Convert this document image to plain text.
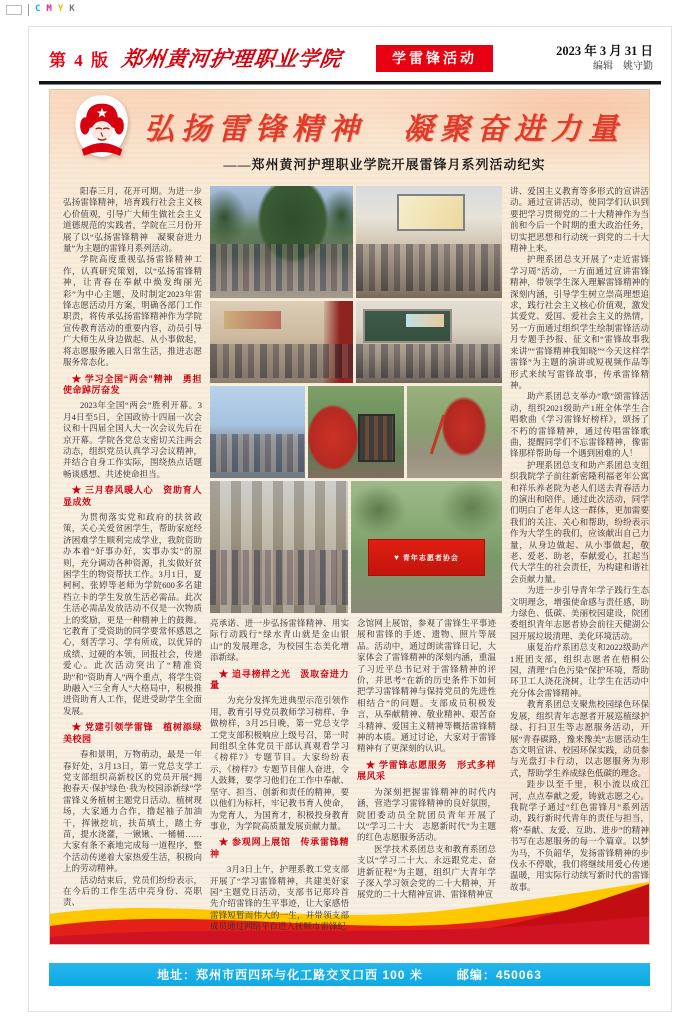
C M Y K
第 4 版 郑州黄河护理职业学院	学雷锋活动	2023 年 3 月 31 日
编辑　姚守勤
弘扬雷锋精神　凝聚奋进力量
——郑州黄河护理职业学院开展雷锋月系列活动纪实

阳春三月，花开可期。为进一步弘扬雷锋精神，培育践行社会主义核心价值观，引导广大师生做社会主义道德规范的实践者，学院在三月份开展了以“弘扬雷锋精神　凝聚奋进力量”为主题的雷锋月系列活动。

学院高度重视弘扬雷锋精神工作，认真研究策划，以“弘扬雷锋精神，让青春在奉献中焕发绚丽光彩”为中心主题，及时制定2023年雷锋志愿活动月方案，明确各部门工作职责，将传承弘扬雷锋精神作为学院宣传教育活动的重要内容，动员引导广大师生从身边做起、从小事做起，将志愿服务融入日常生活，推进志愿服务常态化。

★ 学习全国“两会”精神　勇担使命踔厉奋发

2023年全国“两会”胜利开幕。3月4日至5日，全国政协十四届一次会议和十四届全国人大一次会议先后在京开幕。学院各党总支密切关注两会动态，组织党员认真学习会议精神，并结合自身工作实际，围绕热点话题畅谈感想、共述使命担当。

★ 三月春风暖人心　资助育人显成效

为贯彻落实党和政府的扶贫政策，关心关爱贫困学生，帮助家庭经济困难学生顺利完成学业，我院资助办本着“好事办好，实事办实”的原则，充分调动各种资源，扎实做好贫困学生的物资帮扶工作。3月1日，夏柯柯、张婷等老师为学院600多名建档立卡的学生发放生活必需品。此次生活必需品发放活动不仅是一次物质上的奖励，更是一种精神上的鼓舞。它教育了受资助的同学要常怀感恩之心，刻苦学习、学有所成，以优异的成绩、过硬的本领，回报社会，传递爱心。此次活动突出了“精准资助”和“资助育人”两个重点，将学生资助融入“三全育人”大格局中，积极推进资助育人工作，促进受助学生全面发展。

★ 党建引领学雷锋　植树添绿美校园

春和景明，万物萌动，最是一年春好处，3月13日，第一党总支学工党支部组织高新校区的党员开展“拥抱春天·保护绿色·我为校园添新绿”学雷锋义务植树主题党日活动。植树现场，大家通力合作，撸起袖子加油干，挥锹挖坑，扶苗填土，踏土夯苗，提水浇灌，一锹锹、一桶桶……大家有条不紊地完成每一道程序，整个活动传递着大家热爱生活，积极向上的劳动精神。

活动结束后，党员们纷纷表示，在今后的工作生活中亮身份、亮职责、

♥ 青年志愿者协会

亮承诺、进一步弘扬雷锋精神、用实际行动践行“绿水青山就是金山银山”的发展理念，为校园生态美化增添新绿。

★ 追寻榜样之光　汲取奋进力量

为充分发挥先进典型示范引领作用，教育引导党员教师学习榜样、争做榜样，3月25日晚，第一党总支学工党支部积极响应上级号召，第一时间组织全体党员干部认真观看学习《榜样7》专题节目。大家纷纷表示，《榜样7》专题节目催人奋进，令人鼓舞，要学习他们在工作中奉献、坚守、担当、创新和责任的精神，要以他们为标杆，牢记教书育人使命，为党育人，为国育才，积极投身教育事业，为学院高质量发展贡献力量。

★ 参观网上展馆　传承雷锋精神

3月3日上午，护理系教工党支部开展了“学习雷锋精神，共建美好家园”主题党日活动，支部书记郑玲首先介绍雷锋的生平事迹，让大家感悟雷锋短暂而伟大的一生，并带领支部成员通过网络平台进入抚顺市雷锋纪

念馆网上展馆，参观了雷锋生平事迹展和雷锋的手迹、遗物、照片等展品。活动中，通过朗读雷锋日记，大家体会了雷锋精神的深刻内涵，重温了习近平总书记对于雷锋精神的评价，并思考“在新的历史条件下如何把学习雷锋精神与保持党员的先进性相结合”的问题。支部成员积极发言，从奉献精神、敬业精神、艰苦奋斗精神、爱国主义精神等概括雷锋精神的本质。通过讨论，大家对于雷锋精神有了更深刻的认识。

★ 学雷锋志愿服务　形式多样展风采

为深刻把握雷锋精神的时代内涵，营造学习雷锋精神的良好氛围，院团委动员全院团员青年开展了以“学习二十大　志愿新时代”为主题的红色志愿服务活动。

医学技术系团总支和教育系团总支以“学习二十大、永远跟党走、奋进新征程”为主题，组织广大青年学子深入学习领会党的二十大精神，开展党的二十大精神宣讲、雷锋精神宣

讲、爱国主义教育等多形式的宣讲活动。通过宣讲活动，使同学们认识到要把学习贯彻党的二十大精神作为当前和今后一个时期的重大政治任务，切实把思想和行动统一到党的二十大精神上来。

护理系团总支开展了“走近雷锋学习周”活动，一方面通过宣讲雷锋精神，带领学生深入理解雷锋精神的深刻内涵，引导学生树立崇高理想追求，践行社会主义核心价值观，激发其爱党、爱国、爱社会主义的热情，另一方面通过组织学生绘制雷锋活动月专题手抄报、征文和“雷锋故事我来讲”“雷锋精神我知晓”“今天这样学雷锋”为主题的演讲或短视频作品等形式来续写雷锋故事，传承雷锋精神。

助产系团总支举办“歌”颂雷锋活动，组织2021级助产1班全体学生合唱歌曲《学习雷锋好榜样》，颂扬了不朽的雷锋精神，通过传唱雷锋歌曲，提醒同学们不忘雷锋精神，像雷锋那样帮助每一个遇到困难的人！

护理系团总支和助产系团总支组织我院学子前往新密隆利福老年公寓和祥乐养老院为老人们送去青春活力的演出和陪伴。通过此次活动，同学们明白了老年人这一群体，更加需要我们的关注、关心和帮助，纷纷表示作为大学生的我们，应该献出自己力量，从身边做起、从小事做起，敬老、爱老、助老，奉献爱心，扛起当代大学生的社会责任，为构建和谐社会贡献力量。

为进一步引导青年学子践行生态文明理念，增强使命感与责任感，助力绿色、低碳、美丽校园建设，院团委组织青年志愿者协会前往天健湖公园开展垃圾清理、美化环境活动。

康复治疗系团总支和2022级助产1班团支部，组织志愿者在梧桐公园，清理“白色污染”保护环境，帮助环卫工人浇花浇树，让学生在活动中充分体会雷锋精神。

教育系团总支聚焦校园绿色环保发展，组织青年志愿者开展巡植绿护绿、打扫卫生等志愿服务活动，开展“青春碳路，豫来豫美”志愿活动生态文明宣讲、校园环保实践，动员参与光盘打卡行动，以志愿服务为形式，帮助学生养成绿色低碳的理念。

跬步以至千里，积小流以成江河，点点奉献之爱，铸就志愿之心。我院学子通过“红色雷锋月”系列活动，践行新时代青年的责任与担当，将“奉献、友爱、互助、进步”的精神书写在志愿服务的每一个篇章。以梦为马，不负韶华，发扬雷锋精神的步伐永不停歇，我们将继续用爱心传递温暖，用实际行动续写新时代的雷锋故事。

地址：郑州市西四环与化工路交叉口西 100 米	邮编：450063
